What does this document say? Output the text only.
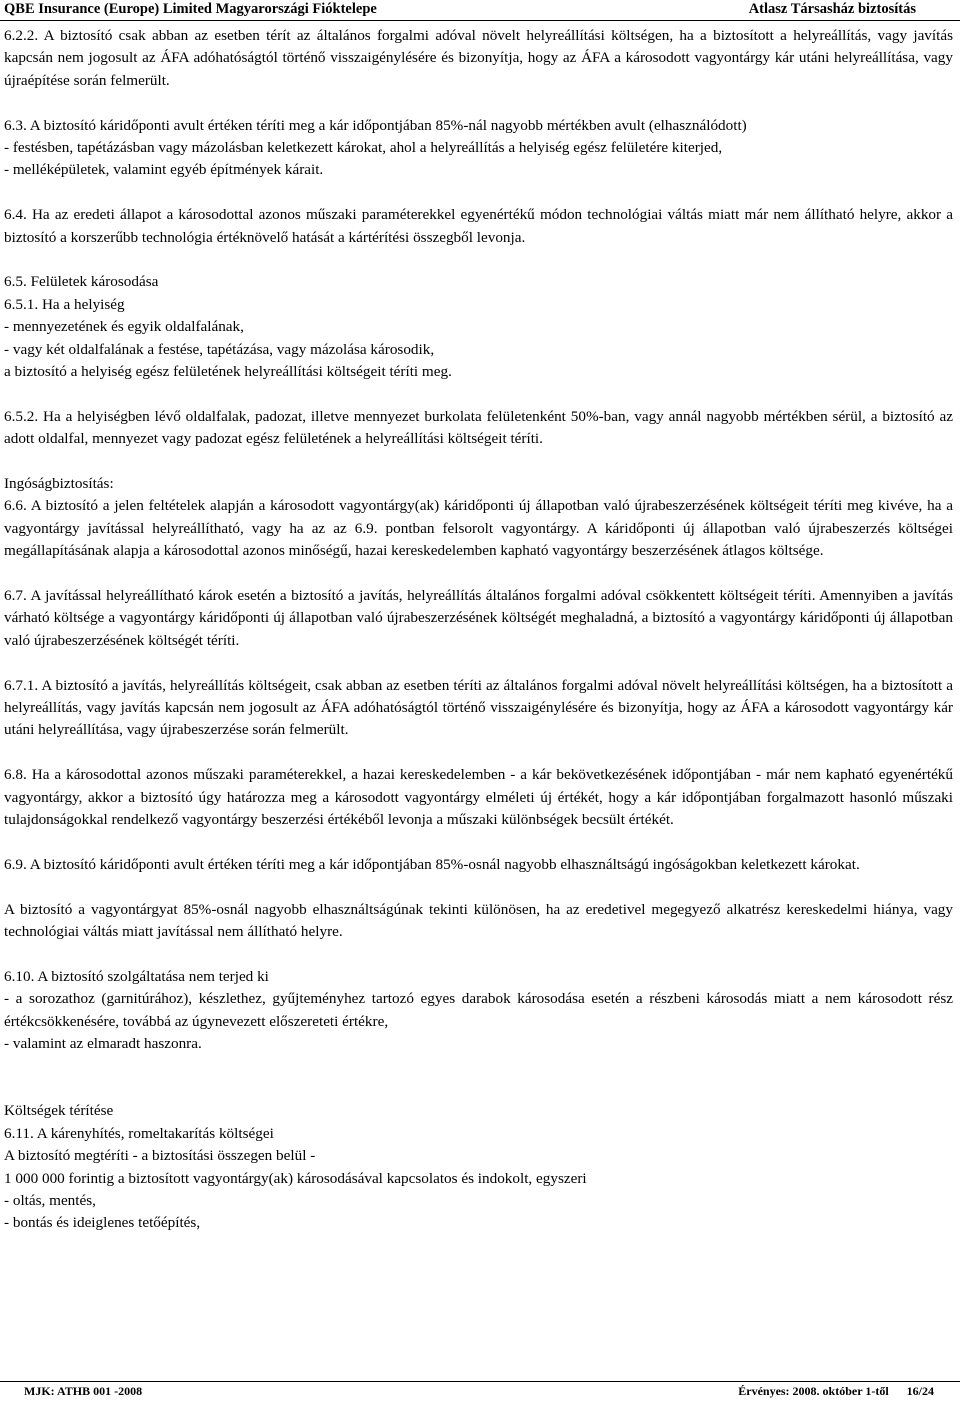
QBE Insurance (Europe) Limited Magyarországi Fióktelepe	Atlasz Társasház biztosítás

6.2.2. A biztosító csak abban az esetben térít az általános forgalmi adóval növelt helyreállítási költségen, ha a biztosított a helyreállítás, vagy javítás kapcsán nem jogosult az ÁFA adóhatóságtól történő visszaigénylésére és bizonyítja, hogy az ÁFA a károsodott vagyontárgy kár utáni helyreállítása, vagy újraépítése során felmerült.

6.3. A biztosító káridőponti avult értéken téríti meg a kár időpontjában 85%-nál nagyobb mértékben avult (elhasználódott)
- festésben, tapétázásban vagy mázolásban keletkezett károkat, ahol a helyreállítás a helyiség egész felületére kiterjed,
- melléképületek, valamint egyéb építmények kárait.

6.4. Ha az eredeti állapot a károsodottal azonos műszaki paraméterekkel egyenértékű módon technológiai váltás miatt már nem állítható helyre, akkor a biztosító a korszerűbb technológia értéknövelő hatását a kártérítési összegből levonja.

6.5. Felületek károsodása
6.5.1. Ha a helyiség
- mennyezetének és egyik oldalfalának,
- vagy két oldalfalának a festése, tapétázása, vagy mázolása károsodik,
a biztosító a helyiség egész felületének helyreállítási költségeit téríti meg.

6.5.2. Ha a helyiségben lévő oldalfalak, padozat, illetve mennyezet burkolata felületenként 50%-ban, vagy annál nagyobb mértékben sérül, a biztosító az adott oldalfal, mennyezet vagy padozat egész felületének a helyreállítási költségeit téríti.

Ingóságbiztosítás:
6.6. A biztosító a jelen feltételek alapján a károsodott vagyontárgy(ak) káridőponti új állapotban való újrabeszerzésének költségeit téríti meg kivéve, ha a vagyontárgy javítással helyreállítható, vagy ha az az 6.9. pontban felsorolt vagyontárgy. A káridőponti új állapotban való újrabeszerzés költségei megállapításának alapja a károsodottal azonos minőségű, hazai kereskedelemben kapható vagyontárgy beszerzésének átlagos költsége.

6.7. A javítással helyreállítható károk esetén a biztosító a javítás, helyreállítás általános forgalmi adóval csökkentett költségeit téríti. Amennyiben a javítás várható költsége a vagyontárgy káridőponti új állapotban való újrabeszerzésének költségét meghaladná, a biztosító a vagyontárgy káridőponti új állapotban való újrabeszerzésének költségét téríti.

6.7.1. A biztosító a javítás, helyreállítás költségeit, csak abban az esetben téríti az általános forgalmi adóval növelt helyreállítási költségen, ha a biztosított a helyreállítás, vagy javítás kapcsán nem jogosult az ÁFA adóhatóságtól történő visszaigénylésére és bizonyítja, hogy az ÁFA a károsodott vagyontárgy kár utáni helyreállítása, vagy újrabeszerzése során felmerült.

6.8. Ha a károsodottal azonos műszaki paraméterekkel, a hazai kereskedelemben - a kár bekövetkezésének időpontjában - már nem kapható egyenértékű vagyontárgy, akkor a biztosító úgy határozza meg a károsodott vagyontárgy elméleti új értékét, hogy a kár időpontjában forgalmazott hasonló műszaki tulajdonságokkal rendelkező vagyontárgy beszerzési értékéből levonja a műszaki különbségek becsült értékét.

6.9. A biztosító káridőponti avult értéken téríti meg a kár időpontjában 85%-osnál nagyobb elhasználtságú ingóságokban keletkezett károkat.

A biztosító a vagyontárgyat 85%-osnál nagyobb elhasználtságúnak tekinti különösen, ha az eredetivel megegyező alkatrész kereskedelmi hiánya, vagy technológiai váltás miatt javítással nem állítható helyre.

6.10. A biztosító szolgáltatása nem terjed ki
- a sorozathoz (garnitúrához), készlethez, gyűjteményhez tartozó egyes darabok károsodása esetén a részbeni károsodás miatt a nem károsodott rész értékcsökkenésére, továbbá az úgynevezett előszereteti értékre,
- valamint az elmaradt haszonra.

Költségek térítése
6.11. A kárenyhítés, romeltakarítás költségei
A biztosító megtéríti - a biztosítási összegen belül -
1 000 000 forintig a biztosított vagyontárgy(ak) károsodásával kapcsolatos és indokolt, egyszeri
- oltás, mentés,
- bontás és ideiglenes tetőépítés,

MJK: ATHB 001 -2008	Érvényes: 2008. október 1-től      16/24
